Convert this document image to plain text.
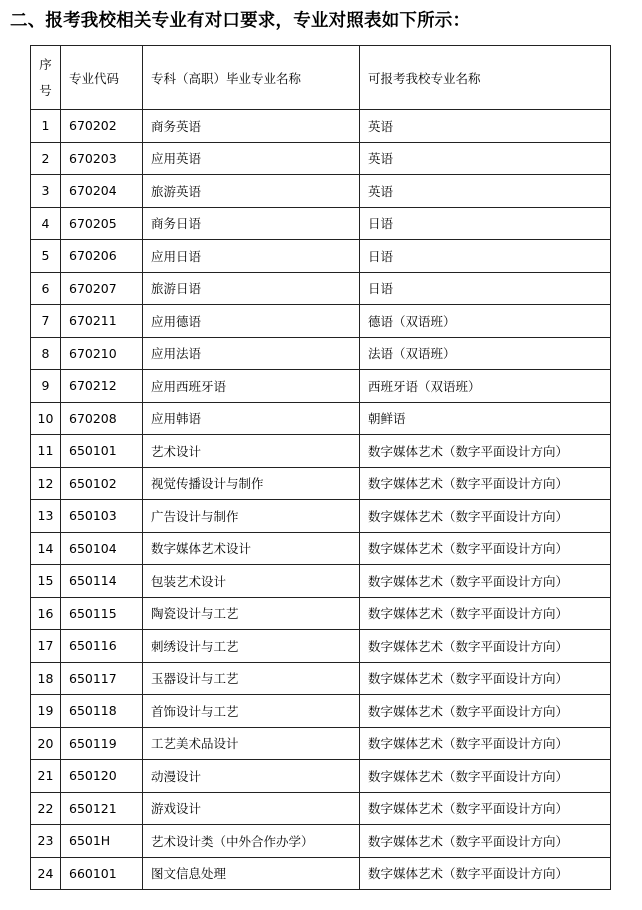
二、报考我校相关专业有对口要求，专业对照表如下所示：
序
号	专业代码	专科（高职）毕业专业名称	可报考我校专业名称
1	670202	商务英语	英语
2	670203	应用英语	英语
3	670204	旅游英语	英语
4	670205	商务日语	日语
5	670206	应用日语	日语
6	670207	旅游日语	日语
7	670211	应用德语	德语（双语班）
8	670210	应用法语	法语（双语班）
9	670212	应用西班牙语	西班牙语（双语班）
10	670208	应用韩语	朝鲜语
11	650101	艺术设计	数字媒体艺术（数字平面设计方向）
12	650102	视觉传播设计与制作	数字媒体艺术（数字平面设计方向）
13	650103	广告设计与制作	数字媒体艺术（数字平面设计方向）
14	650104	数字媒体艺术设计	数字媒体艺术（数字平面设计方向）
15	650114	包装艺术设计	数字媒体艺术（数字平面设计方向）
16	650115	陶瓷设计与工艺	数字媒体艺术（数字平面设计方向）
17	650116	刺绣设计与工艺	数字媒体艺术（数字平面设计方向）
18	650117	玉器设计与工艺	数字媒体艺术（数字平面设计方向）
19	650118	首饰设计与工艺	数字媒体艺术（数字平面设计方向）
20	650119	工艺美术品设计	数字媒体艺术（数字平面设计方向）
21	650120	动漫设计	数字媒体艺术（数字平面设计方向）
22	650121	游戏设计	数字媒体艺术（数字平面设计方向）
23	6501H	艺术设计类（中外合作办学）	数字媒体艺术（数字平面设计方向）
24	660101	图文信息处理	数字媒体艺术（数字平面设计方向）
